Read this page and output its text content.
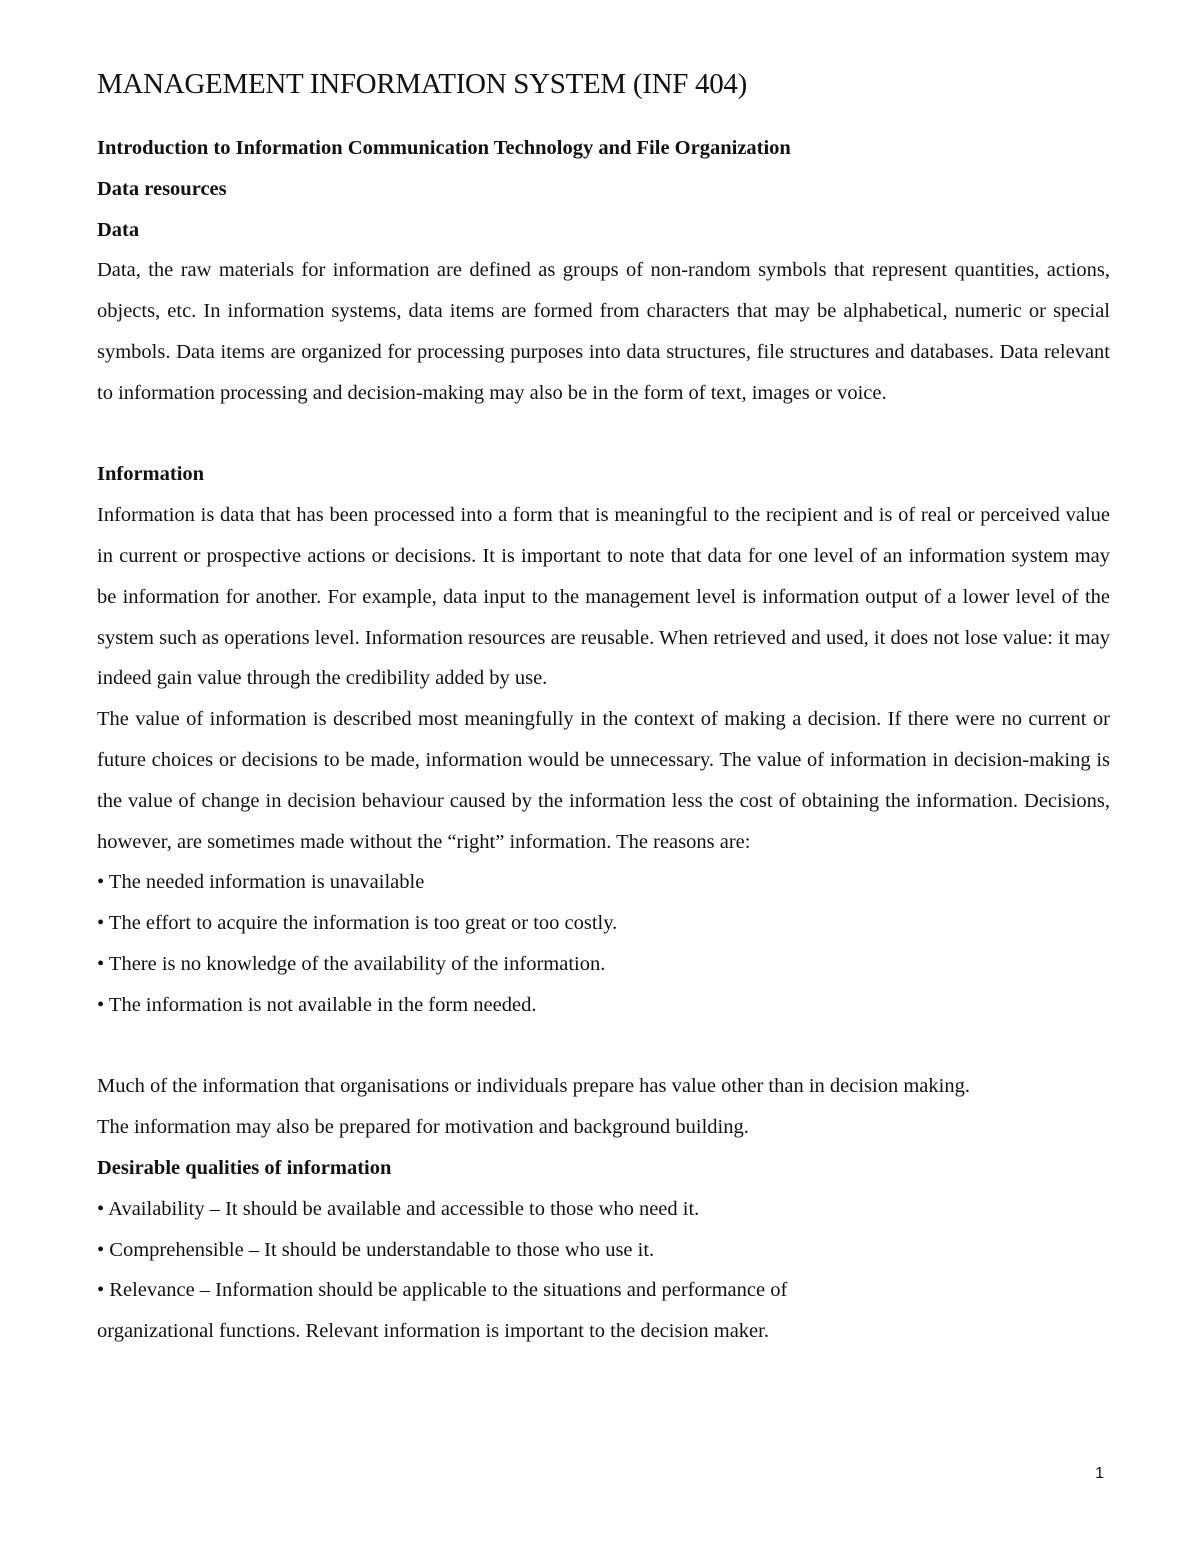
MANAGEMENT INFORMATION SYSTEM (INF 404)

Introduction to Information Communication Technology and File Organization

Data resources

Data

Data, the raw materials for information are defined as groups of non-random symbols that represent quantities, actions, objects, etc. In information systems, data items are formed from characters that may be alphabetical, numeric or special symbols. Data items are organized for processing purposes into data structures, file structures and databases. Data relevant to information processing and decision-making may also be in the form of text, images or voice.

Information

Information is data that has been processed into a form that is meaningful to the recipient and is of real or perceived value in current or prospective actions or decisions. It is important to note that data for one level of an information system may be information for another. For example, data input to the management level is information output of a lower level of the system such as operations level. Information resources are reusable. When retrieved and used, it does not lose value: it may indeed gain value through the credibility added by use.

The value of information is described most meaningfully in the context of making a decision. If there were no current or future choices or decisions to be made, information would be unnecessary. The value of information in decision-making is the value of change in decision behaviour caused by the information less the cost of obtaining the information. Decisions, however, are sometimes made without the “right” information. The reasons are:

• The needed information is unavailable
• The effort to acquire the information is too great or too costly.
• There is no knowledge of the availability of the information.
• The information is not available in the form needed.

Much of the information that organisations or individuals prepare has value other than in decision making.

The information may also be prepared for motivation and background building.

Desirable qualities of information

• Availability – It should be available and accessible to those who need it.
• Comprehensible – It should be understandable to those who use it.
• Relevance – Information should be applicable to the situations and performance of

organizational functions. Relevant information is important to the decision maker.

1
